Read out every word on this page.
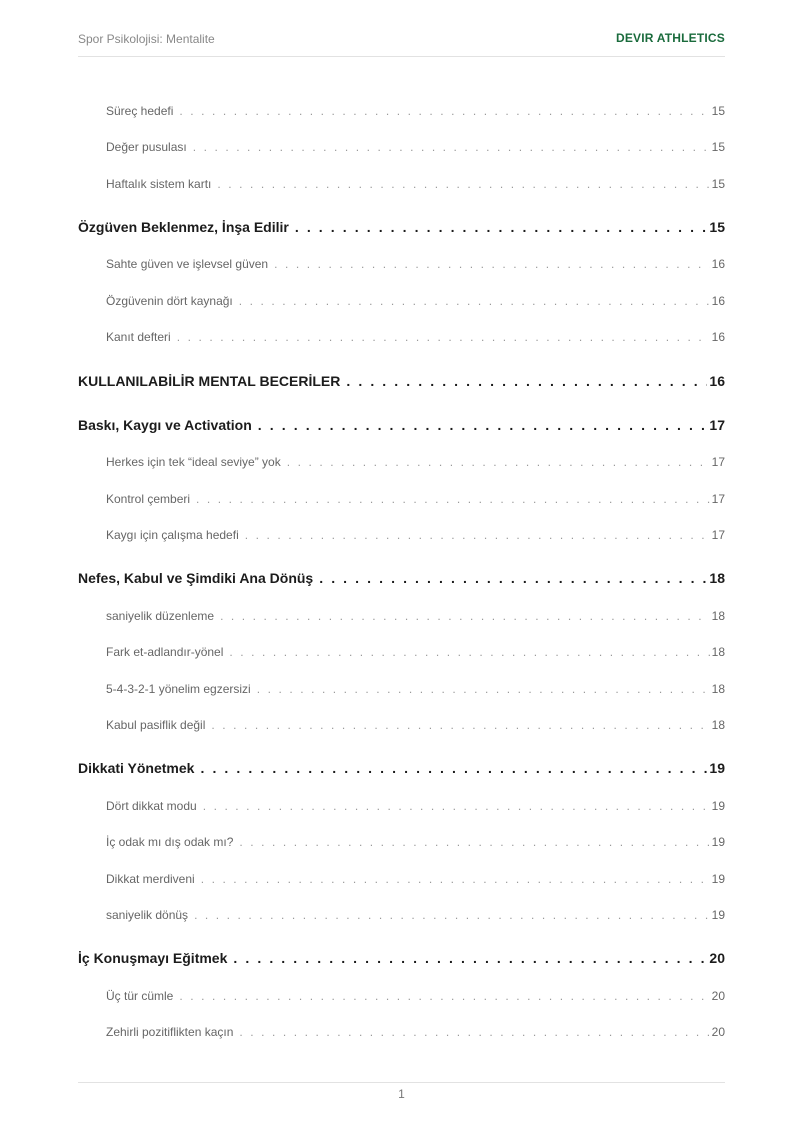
Spor Psikolojisi: Mentalite	DEVIR ATHLETICS
Süreç hedefi . . .	15
Değer pusulası . . .	15
Haftalık sistem kartı . . .	15
Özgüven Beklenmez, İnşa Edilir . . .	15
Sahte güven ve işlevsel güven . . .	16
Özgüvenin dört kaynağı . . .	16
Kanıt defteri . . .	16
KULLANILABİLİR MENTAL BECERİLER . . .	16
Baskı, Kaygı ve Activation . . .	17
Herkes için tek “ideal seviye” yok . . .	17
Kontrol çemberi . . .	17
Kaygı için çalışma hedefi . . .	17
Nefes, Kabul ve Şimdiki Ana Dönüş . . .	18
saniyelik düzenleme . . .	18
Fark et-adlandır-yönel . . .	18
5-4-3-2-1 yönelim egzersizi . . .	18
Kabul pasiflik değil . . .	18
Dikkati Yönetmek . . .	19
Dört dikkat modu . . .	19
İç odak mı dış odak mı? . . .	19
Dikkat merdiveni . . .	19
saniyelik dönüş . . .	19
İç Konuşmayı Eğitmek . . .	20
Üç tür cümle . . .	20
Zehirli pozitiflikten kaçın . . .	20
1
